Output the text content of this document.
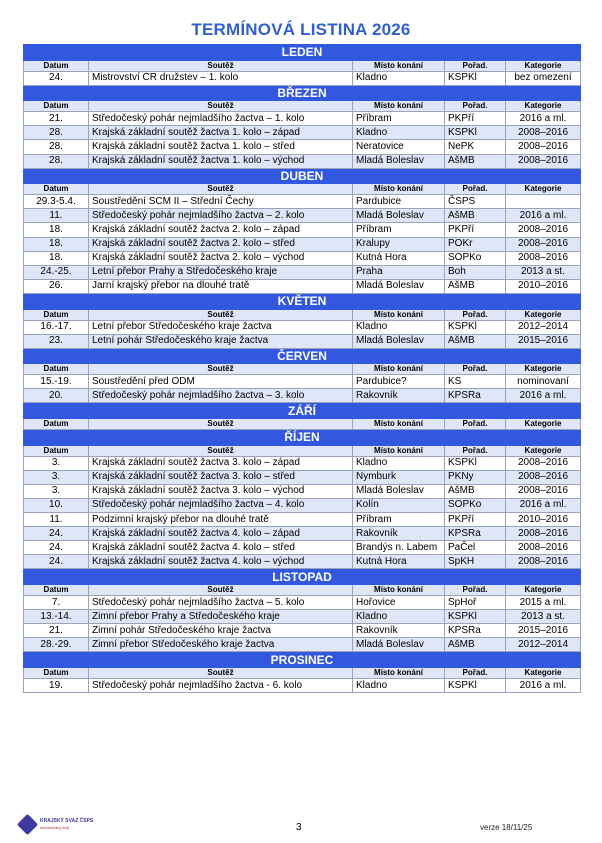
TERMÍNOVÁ LISTINA 2026
LEDEN				
Datum	Soutěž	Místo konání	Pořad.	Kategorie
24.	Mistrovství ČR družstev – 1. kolo	Kladno	KSPKl	bez omezení
BŘEZEN				
Datum	Soutěž	Místo konání	Pořad.	Kategorie
21.	Středočeský pohár nejmladšího žactva – 1. kolo	Příbram	PKPří	2016 a ml.
28.	Krajská základní soutěž žactva 1. kolo – západ	Kladno	KSPKl	2008–2016
28.	Krajská základní soutěž žactva 1. kolo – střed	Neratovice	NePK	2008–2016
28.	Krajská základní soutěž žactva 1. kolo – východ	Mladá Boleslav	AšMB	2008–2016
DUBEN				
Datum	Soutěž	Místo konání	Pořad.	Kategorie
29.3-5.4.	Soustředění SCM II – Střední Čechy	Pardubice	ČSPS	
11.	Středočeský pohár nejmladšího žactva – 2. kolo	Mladá Boleslav	AšMB	2016 a ml.
18.	Krajská základní soutěž žactva 2. kolo – západ	Příbram	PKPří	2008–2016
18.	Krajská základní soutěž žactva 2. kolo – střed	Kralupy	POKr	2008–2016
18.	Krajská základní soutěž žactva 2. kolo – východ	Kutná Hora	SOPKo	2008–2016
24.-25.	Letní přebor Prahy a Středočeského kraje	Praha	Boh	2013 a st.
26.	Jarní krajský přebor na dlouhé tratě	Mladá Boleslav	AšMB	2010–2016
KVĚTEN				
Datum	Soutěž	Místo konání	Pořad.	Kategorie
16.-17.	Letní přebor Středočeského kraje žactva	Kladno	KSPKl	2012–2014
23.	Letní pohár Středočeského kraje žactva	Mladá Boleslav	AšMB	2015–2016
ČERVEN				
Datum	Soutěž	Místo konání	Pořad.	Kategorie
15.-19.	Soustředění před ODM	Pardubice?	KS	nominovaní
20.	Středočeský pohár nejmladšího žactva – 3. kolo	Rakovník	KPSRa	2016 a ml.
ZÁŘÍ				
Datum	Soutěž	Místo konání	Pořad.	Kategorie
ŘÍJEN				
Datum	Soutěž	Místo konání	Pořad.	Kategorie
3.	Krajská základní soutěž žactva 3. kolo – západ	Kladno	KSPKl	2008–2016
3.	Krajská základní soutěž žactva 3. kolo – střed	Nymburk	PKNy	2008–2016
3.	Krajská základní soutěž žactva 3. kolo – východ	Mladá Boleslav	AšMB	2008–2016
10.	Středočeský pohár nejmladšího žactva – 4. kolo	Kolín	SOPKo	2016 a ml.
11.	Podzimní krajský přebor na dlouhé tratě	Příbram	PKPří	2010–2016
24.	Krajská základní soutěž žactva 4. kolo – západ	Rakovník	KPSRa	2008–2016
24.	Krajská základní soutěž žactva 4. kolo – střed	Brandýs n. Labem	PaČel	2008–2016
24.	Krajská základní soutěž žactva 4. kolo – východ	Kutná Hora	SpKH	2008–2016
LISTOPAD				
Datum	Soutěž	Místo konání	Pořad.	Kategorie
7.	Středočeský pohár nejmladšího žactva – 5. kolo	Hořovice	SpHoř	2015 a ml.
13.-14.	Zimní přebor Prahy a Středočeského kraje	Kladno	KSPKl	2013 a st.
21.	Zimní pohár Středočeského kraje žactva	Rakovník	KPSRa	2015–2016
28.-29.	Zimní přebor Středočeského kraje žactva	Mladá Boleslav	AšMB	2012–2014
PROSINEC				
Datum	Soutěž	Místo konání	Pořad.	Kategorie
19.	Středočeský pohár nejmladšího žactva - 6. kolo	Kladno	KSPKl	2016 a ml.
KRAJSKÝ SVAZ ČSPS
středočeský kraj	3	verze 18/11/25
